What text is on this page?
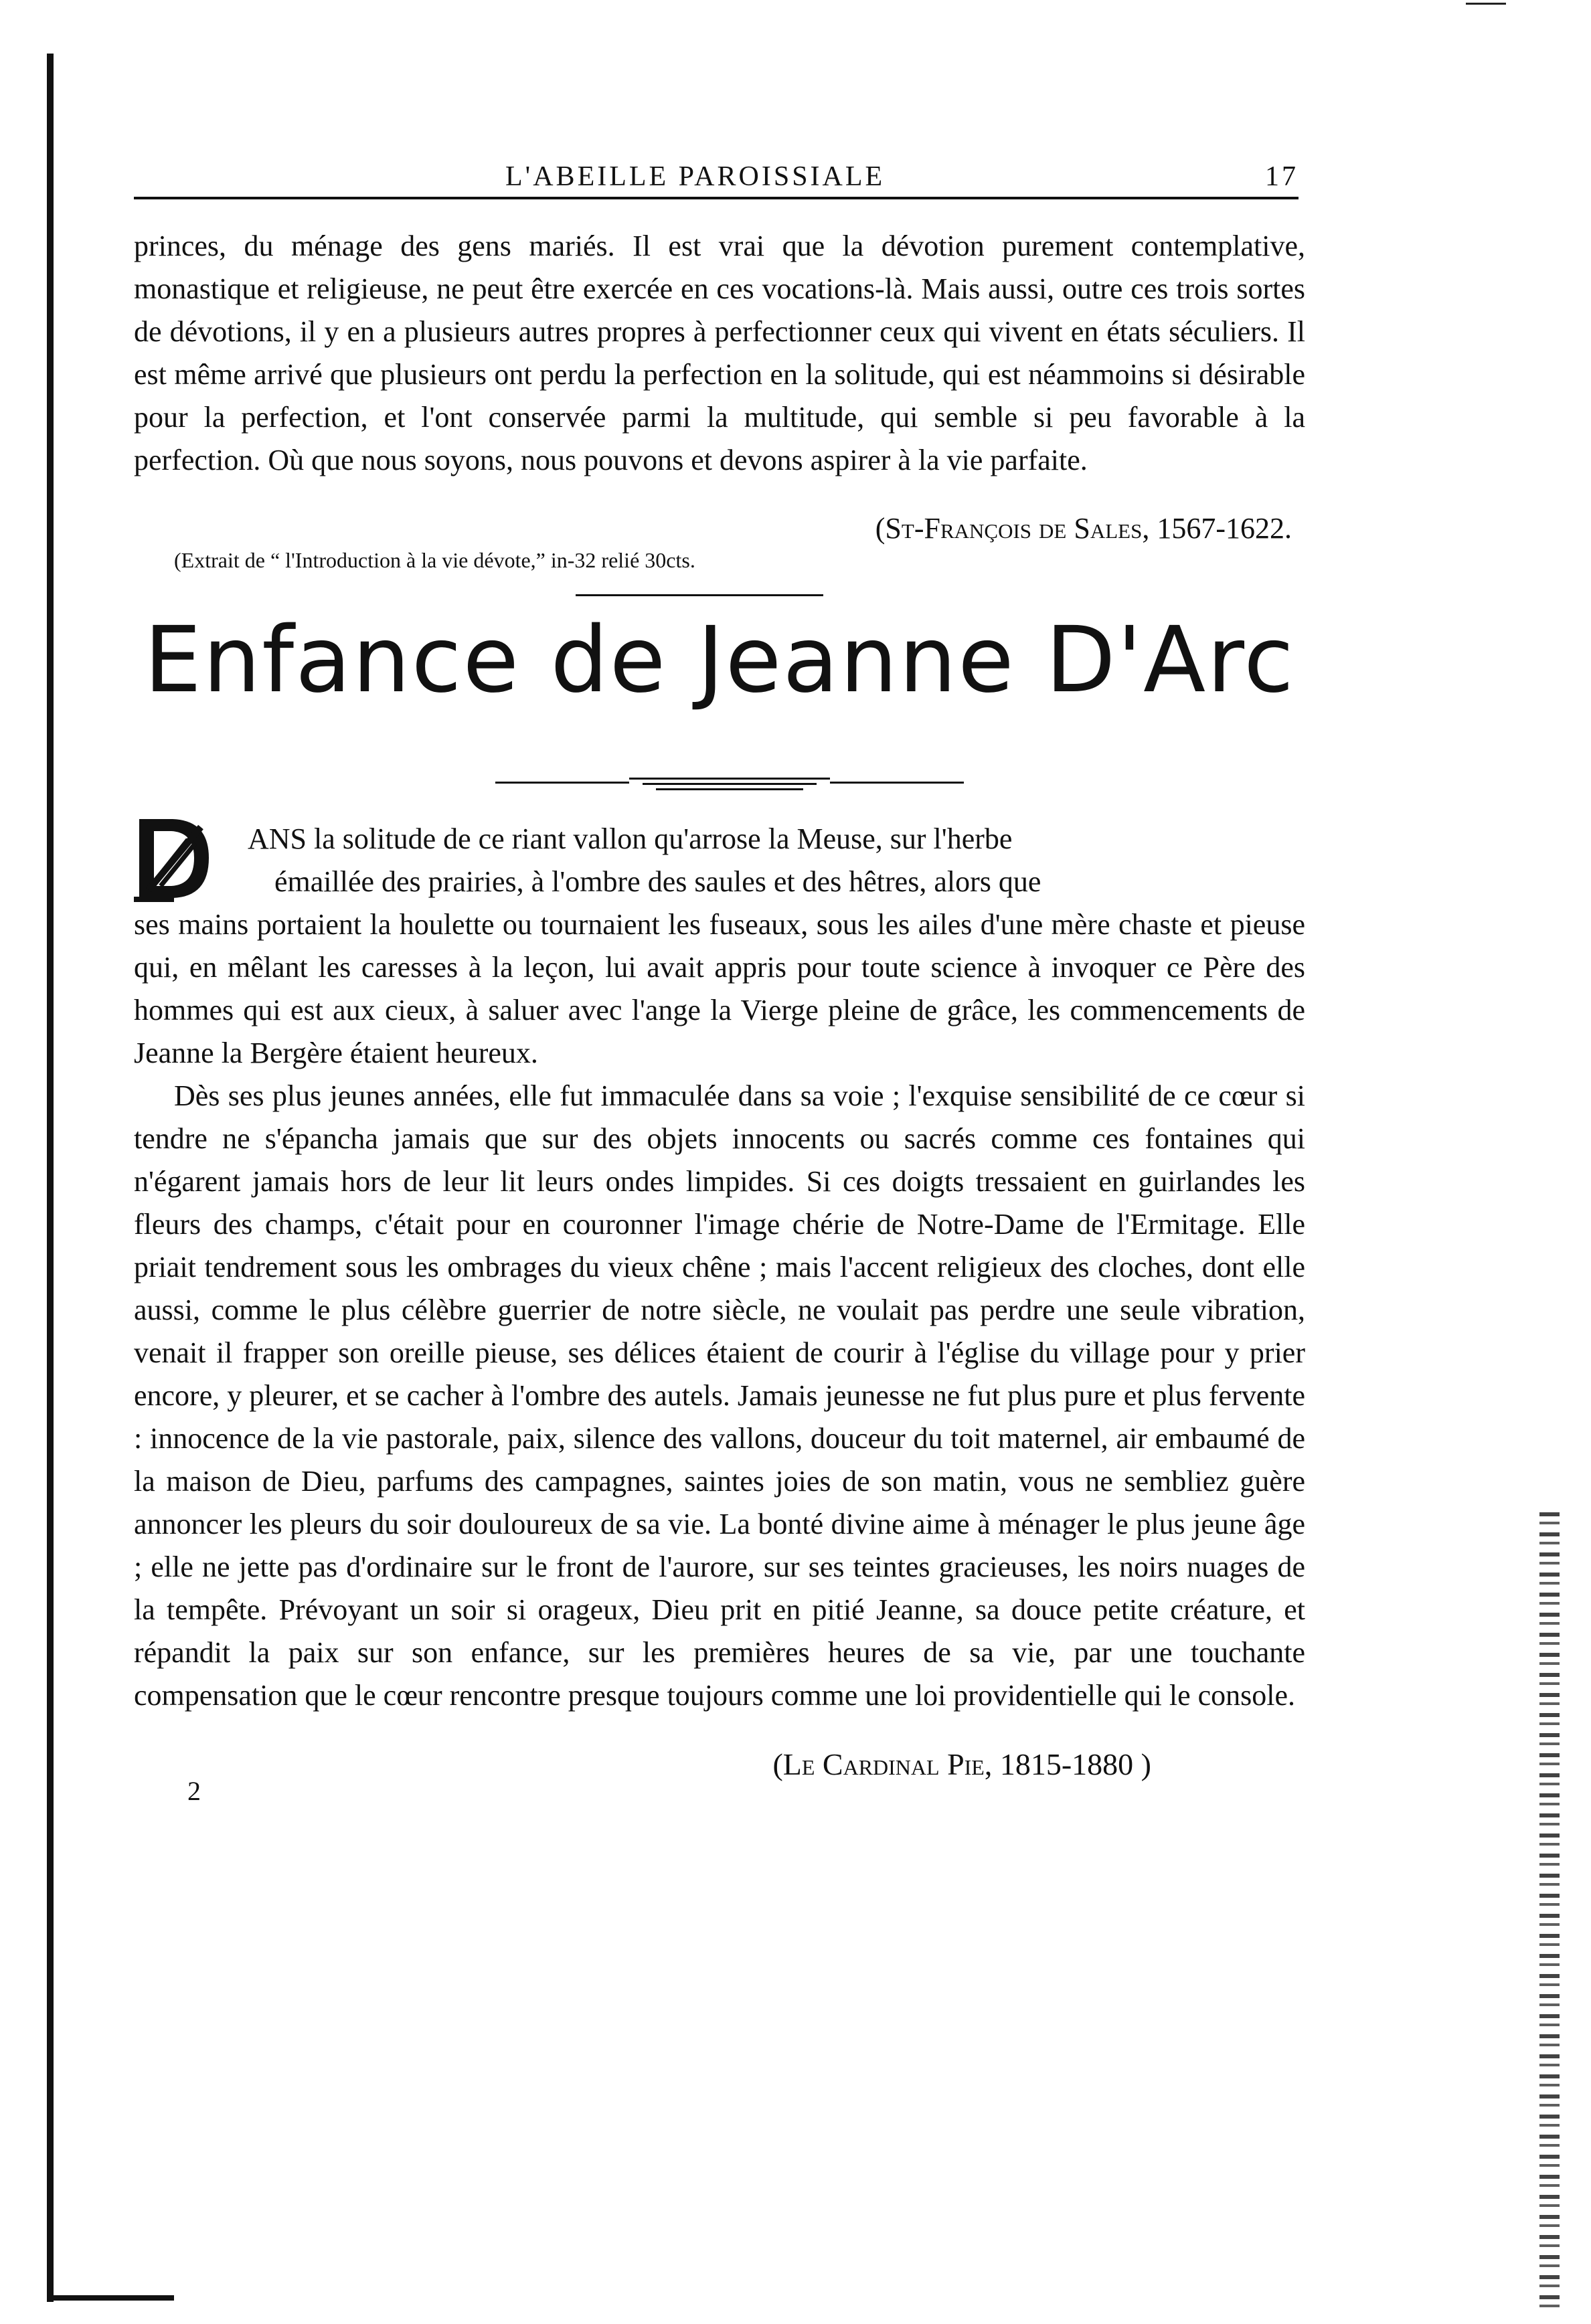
L'ABEILLE PAROISSIALE	17

princes, du ménage des gens mariés. Il est vrai que la dévotion purement contemplative, monastique et religieuse, ne peut être exercée en ces vocations-là. Mais aussi, outre ces trois sortes de dévotions, il y en a plusieurs autres propres à perfectionner ceux qui vivent en états séculiers. Il est même arrivé que plusieurs ont perdu la perfection en la solitude, qui est néammoins si désirable pour la perfection, et l'ont conservée parmi la multitude, qui semble si peu favorable à la perfection. Où que nous soyons, nous pouvons et devons aspirer à la vie parfaite.

(St-François de Sales, 1567-1622.
(Extrait de “ l'Introduction à la vie dévote,” in-32 relié 30cts.
Enfance de Jeanne D'Arc
ANS la solitude de ce riant vallon qu'arrose la Meuse, sur l'herbe
émaillée des prairies, à l'ombre des saules et des hêtres, alors que
ses mains portaient la houlette ou tournaient les fuseaux, sous les ailes d'une mère chaste et pieuse qui, en mêlant les caresses à la leçon, lui avait appris pour toute science à invoquer ce Père des hommes qui est aux cieux, à saluer avec l'ange la Vierge pleine de grâce, les commencements de Jeanne la Bergère étaient heureux.

Dès ses plus jeunes années, elle fut immaculée dans sa voie ; l'exquise sensibilité de ce cœur si tendre ne s'épancha jamais que sur des objets innocents ou sacrés comme ces fontaines qui n'égarent jamais hors de leur lit leurs ondes limpides. Si ces doigts tressaient en guirlandes les fleurs des champs, c'était pour en couronner l'image chérie de Notre-Dame de l'Ermitage. Elle priait tendrement sous les ombrages du vieux chêne ; mais l'accent religieux des cloches, dont elle aussi, comme le plus célèbre guerrier de notre siècle, ne voulait pas perdre une seule vibration, venait il frapper son oreille pieuse, ses délices étaient de courir à l'église du village pour y prier encore, y pleurer, et se cacher à l'ombre des autels. Jamais jeunesse ne fut plus pure et plus fervente : innocence de la vie pastorale, paix, silence des vallons, douceur du toit maternel, air embaumé de la maison de Dieu, parfums des campagnes, saintes joies de son matin, vous ne sembliez guère annoncer les pleurs du soir douloureux de sa vie. La bonté divine aime à ménager le plus jeune âge ; elle ne jette pas d'ordinaire sur le front de l'aurore, sur ses teintes gracieuses, les noirs nuages de la tempête. Prévoyant un soir si orageux, Dieu prit en pitié Jeanne, sa douce petite créature, et répandit la paix sur son enfance, sur les premières heures de sa vie, par une touchante compensation que le cœur rencontre presque toujours comme une loi providentielle qui le console.

(Le Cardinal Pie, 1815-1880 )
2
